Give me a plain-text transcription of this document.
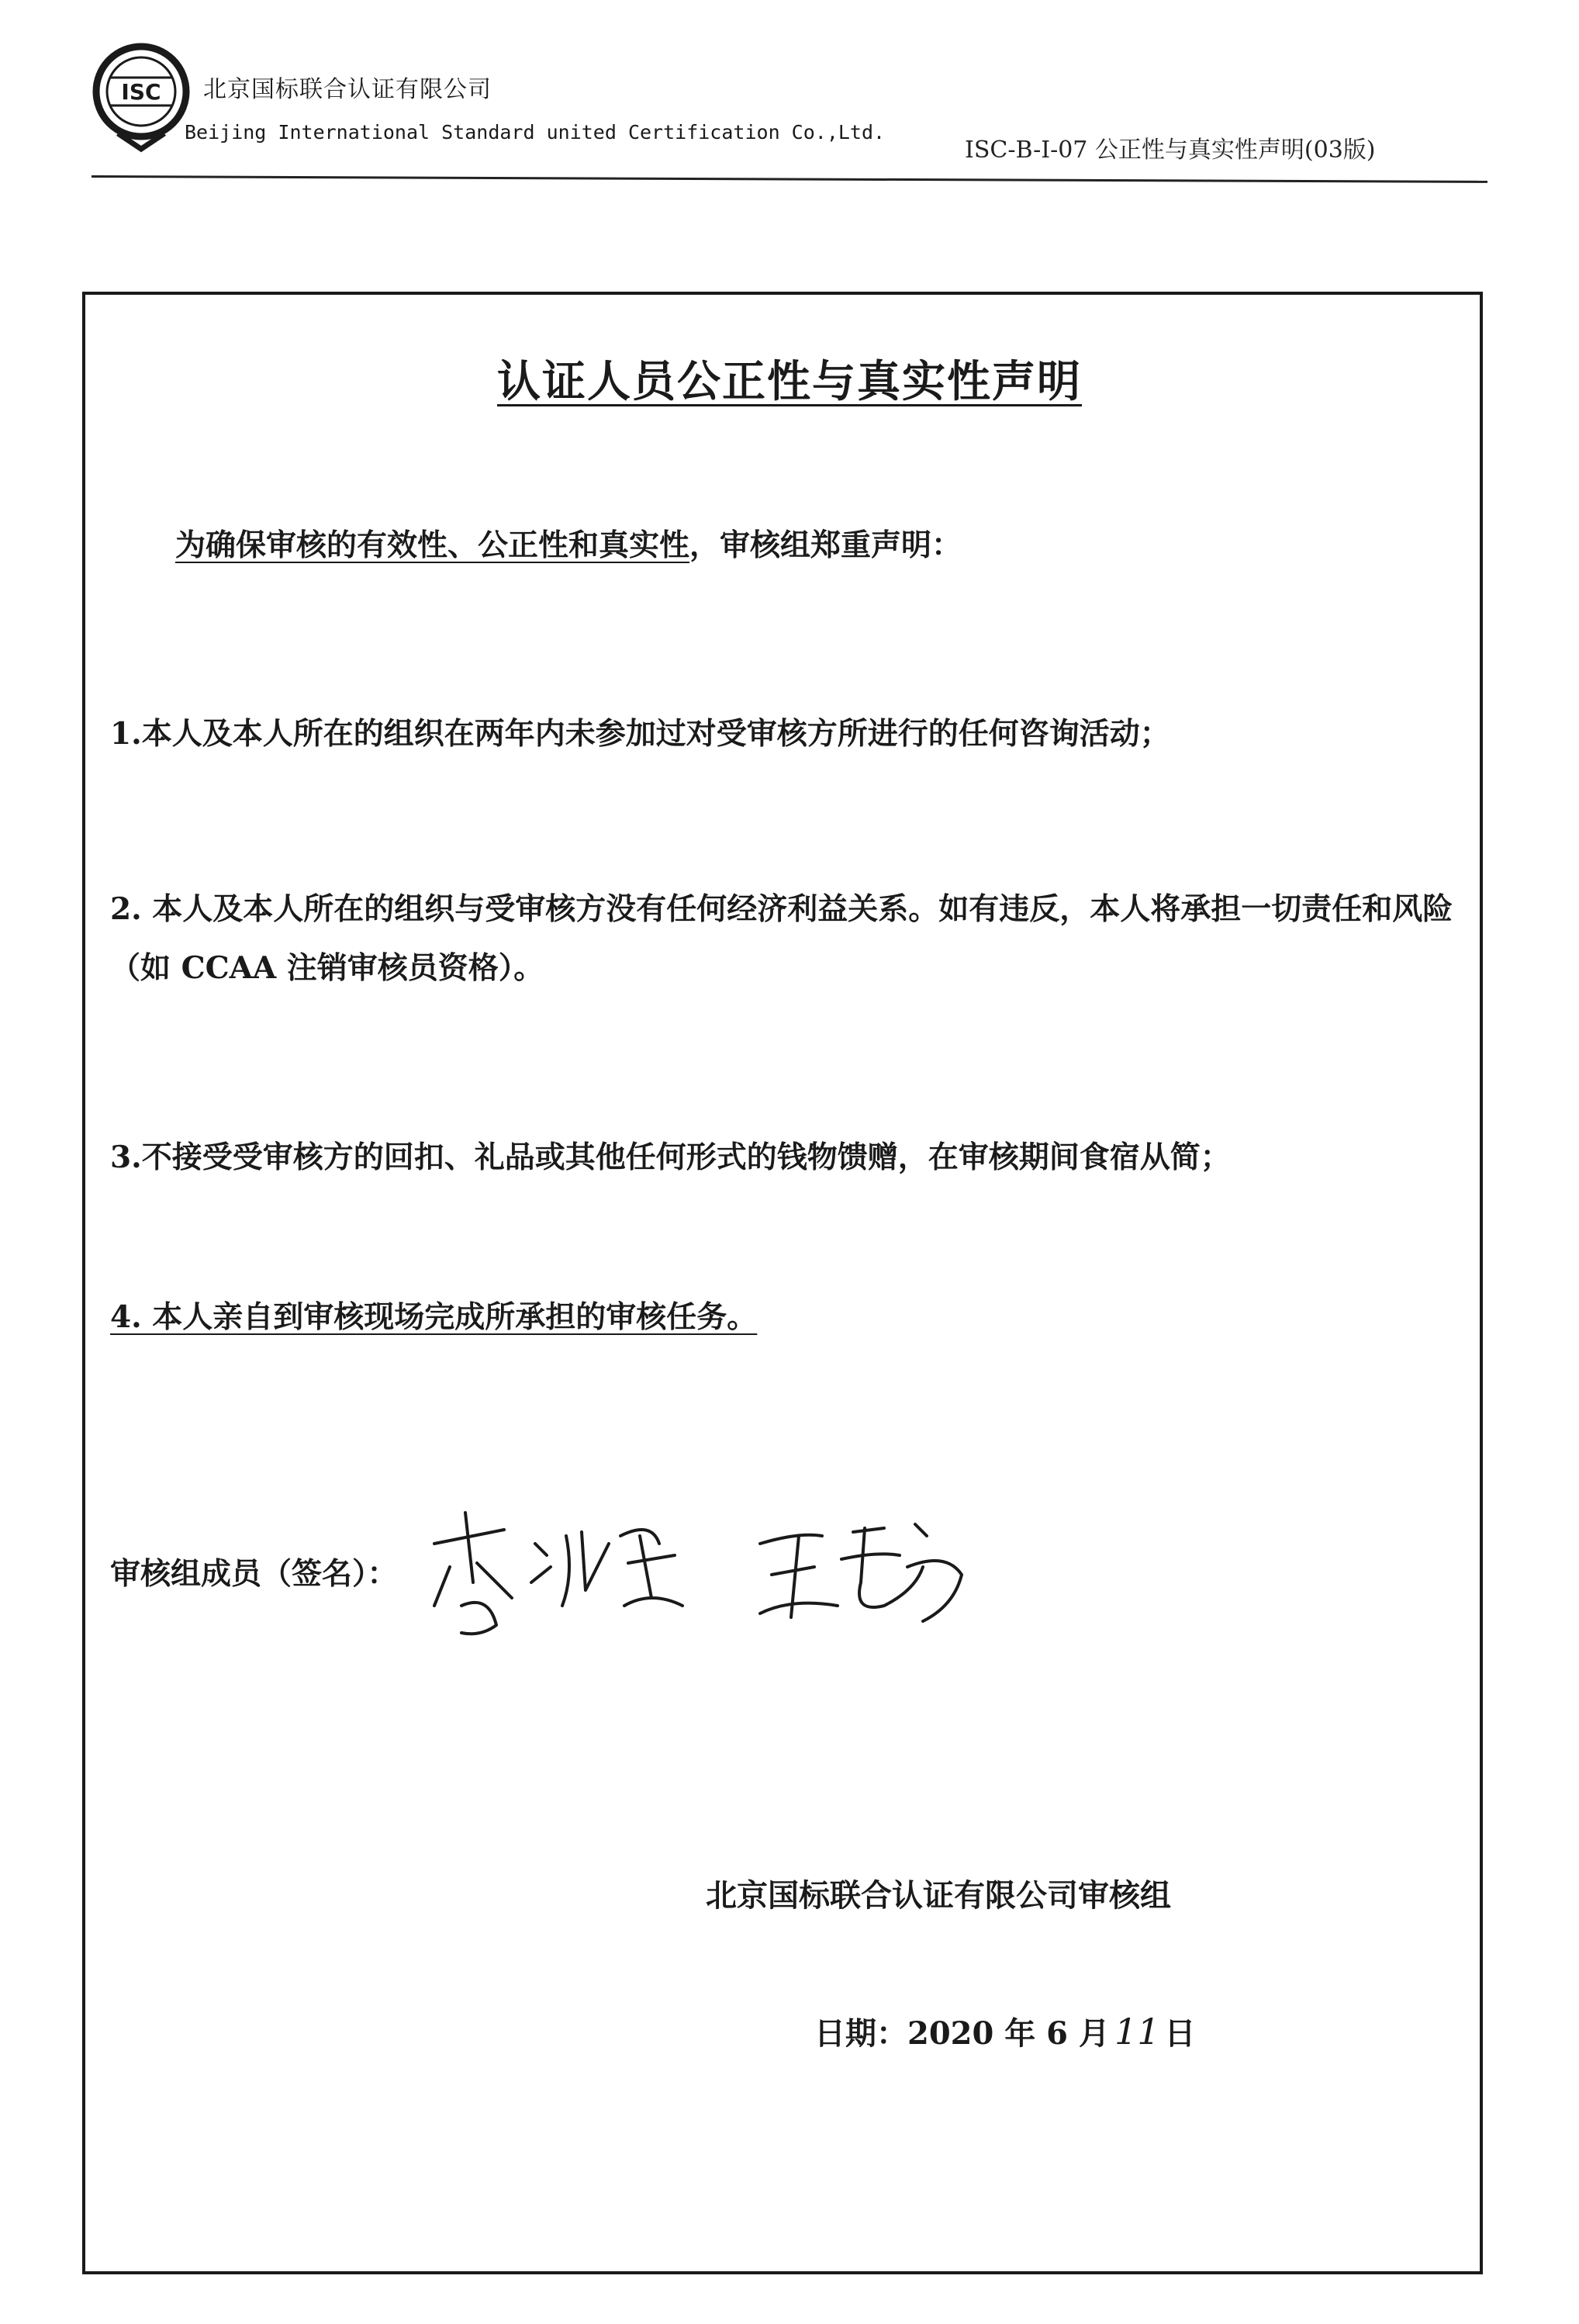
ISC 北京国标联合认证有限公司
Beijing International Standard united Certification Co.,Ltd.
ISC-B-I-07 公正性与真实性声明(03版)
认证人员公正性与真实性声明
为确保审核的有效性、公正性和真实性，审核组郑重声明：
1.本人及本人所在的组织在两年内未参加过对受审核方所进行的任何咨询活动；
2. 本人及本人所在的组织与受审核方没有任何经济利益关系。如有违反，本人将承担一切责任和风险（如 CCAA 注销审核员资格）。
3.不接受受审核方的回扣、礼品或其他任何形式的钱物馈赠，在审核期间食宿从简；
4. 本人亲自到审核现场完成所承担的审核任务。
审核组成员（签名）：
北京国标联合认证有限公司审核组
日期：2020 年 6 月 11 日
